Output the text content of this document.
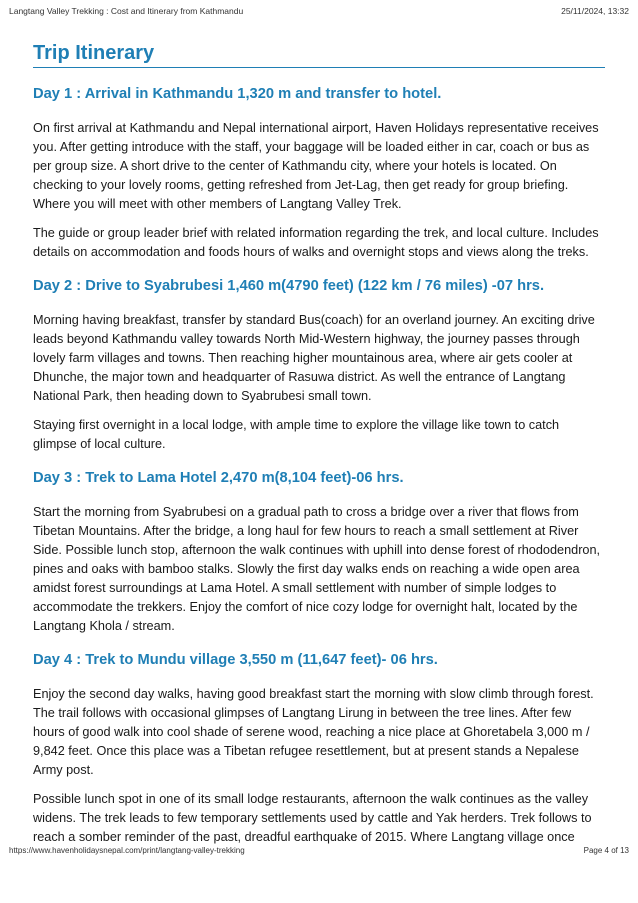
Langtang Valley Trekking : Cost and Itinerary from Kathmandu	25/11/2024, 13:32
Trip Itinerary
Day 1 : Arrival in Kathmandu 1,320 m and transfer to hotel.

On first arrival at Kathmandu and Nepal international airport, Haven Holidays representative receives you. After getting introduce with the staff, your baggage will be loaded either in car, coach or bus as per group size. A short drive to the center of Kathmandu city, where your hotels is located. On checking to your lovely rooms, getting refreshed from Jet-Lag, then get ready for group briefing. Where you will meet with other members of Langtang Valley Trek.

The guide or group leader brief with related information regarding the trek, and local culture. Includes details on accommodation and foods hours of walks and overnight stops and views along the treks.

Day 2 : Drive to Syabrubesi 1,460 m(4790 feet) (122 km / 76 miles) -07 hrs.

Morning having breakfast, transfer by standard Bus(coach) for an overland journey. An exciting drive leads beyond Kathmandu valley towards North Mid-Western highway, the journey passes through lovely farm villages and towns. Then reaching higher mountainous area, where air gets cooler at Dhunche, the major town and headquarter of Rasuwa district. As well the entrance of Langtang National Park, then heading down to Syabrubesi small town.

Staying first overnight in a local lodge, with ample time to explore the village like town to catch glimpse of local culture.

Day 3 : Trek to Lama Hotel 2,470 m(8,104 feet)-06 hrs.

Start the morning from Syabrubesi on a gradual path to cross a bridge over a river that flows from Tibetan Mountains. After the bridge, a long haul for few hours to reach a small settlement at River Side. Possible lunch stop, afternoon the walk continues with uphill into dense forest of rhododendron, pines and oaks with bamboo stalks. Slowly the first day walks ends on reaching a wide open area amidst forest surroundings at Lama Hotel. A small settlement with number of simple lodges to accommodate the trekkers. Enjoy the comfort of nice cozy lodge for overnight halt, located by the Langtang Khola / stream.

Day 4 : Trek to Mundu village 3,550 m (11,647 feet)- 06 hrs.

Enjoy the second day walks, having good breakfast start the morning with slow climb through forest. The trail follows with occasional glimpses of Langtang Lirung in between the tree lines. After few hours of good walk into cool shade of serene wood, reaching a nice place at Ghoretabela 3,000 m / 9,842 feet. Once this place was a Tibetan refugee resettlement, but at present stands a Nepalese Army post.

Possible lunch spot in one of its small lodge restaurants, afternoon the walk continues as the valley widens. The trek leads to few temporary settlements used by cattle and Yak herders. Trek follows to reach a somber reminder of the past, dreadful earthquake of 2015. Where Langtang village once

https://www.havenholidaysnepal.com/print/langtang-valley-trekking	Page 4 of 13
